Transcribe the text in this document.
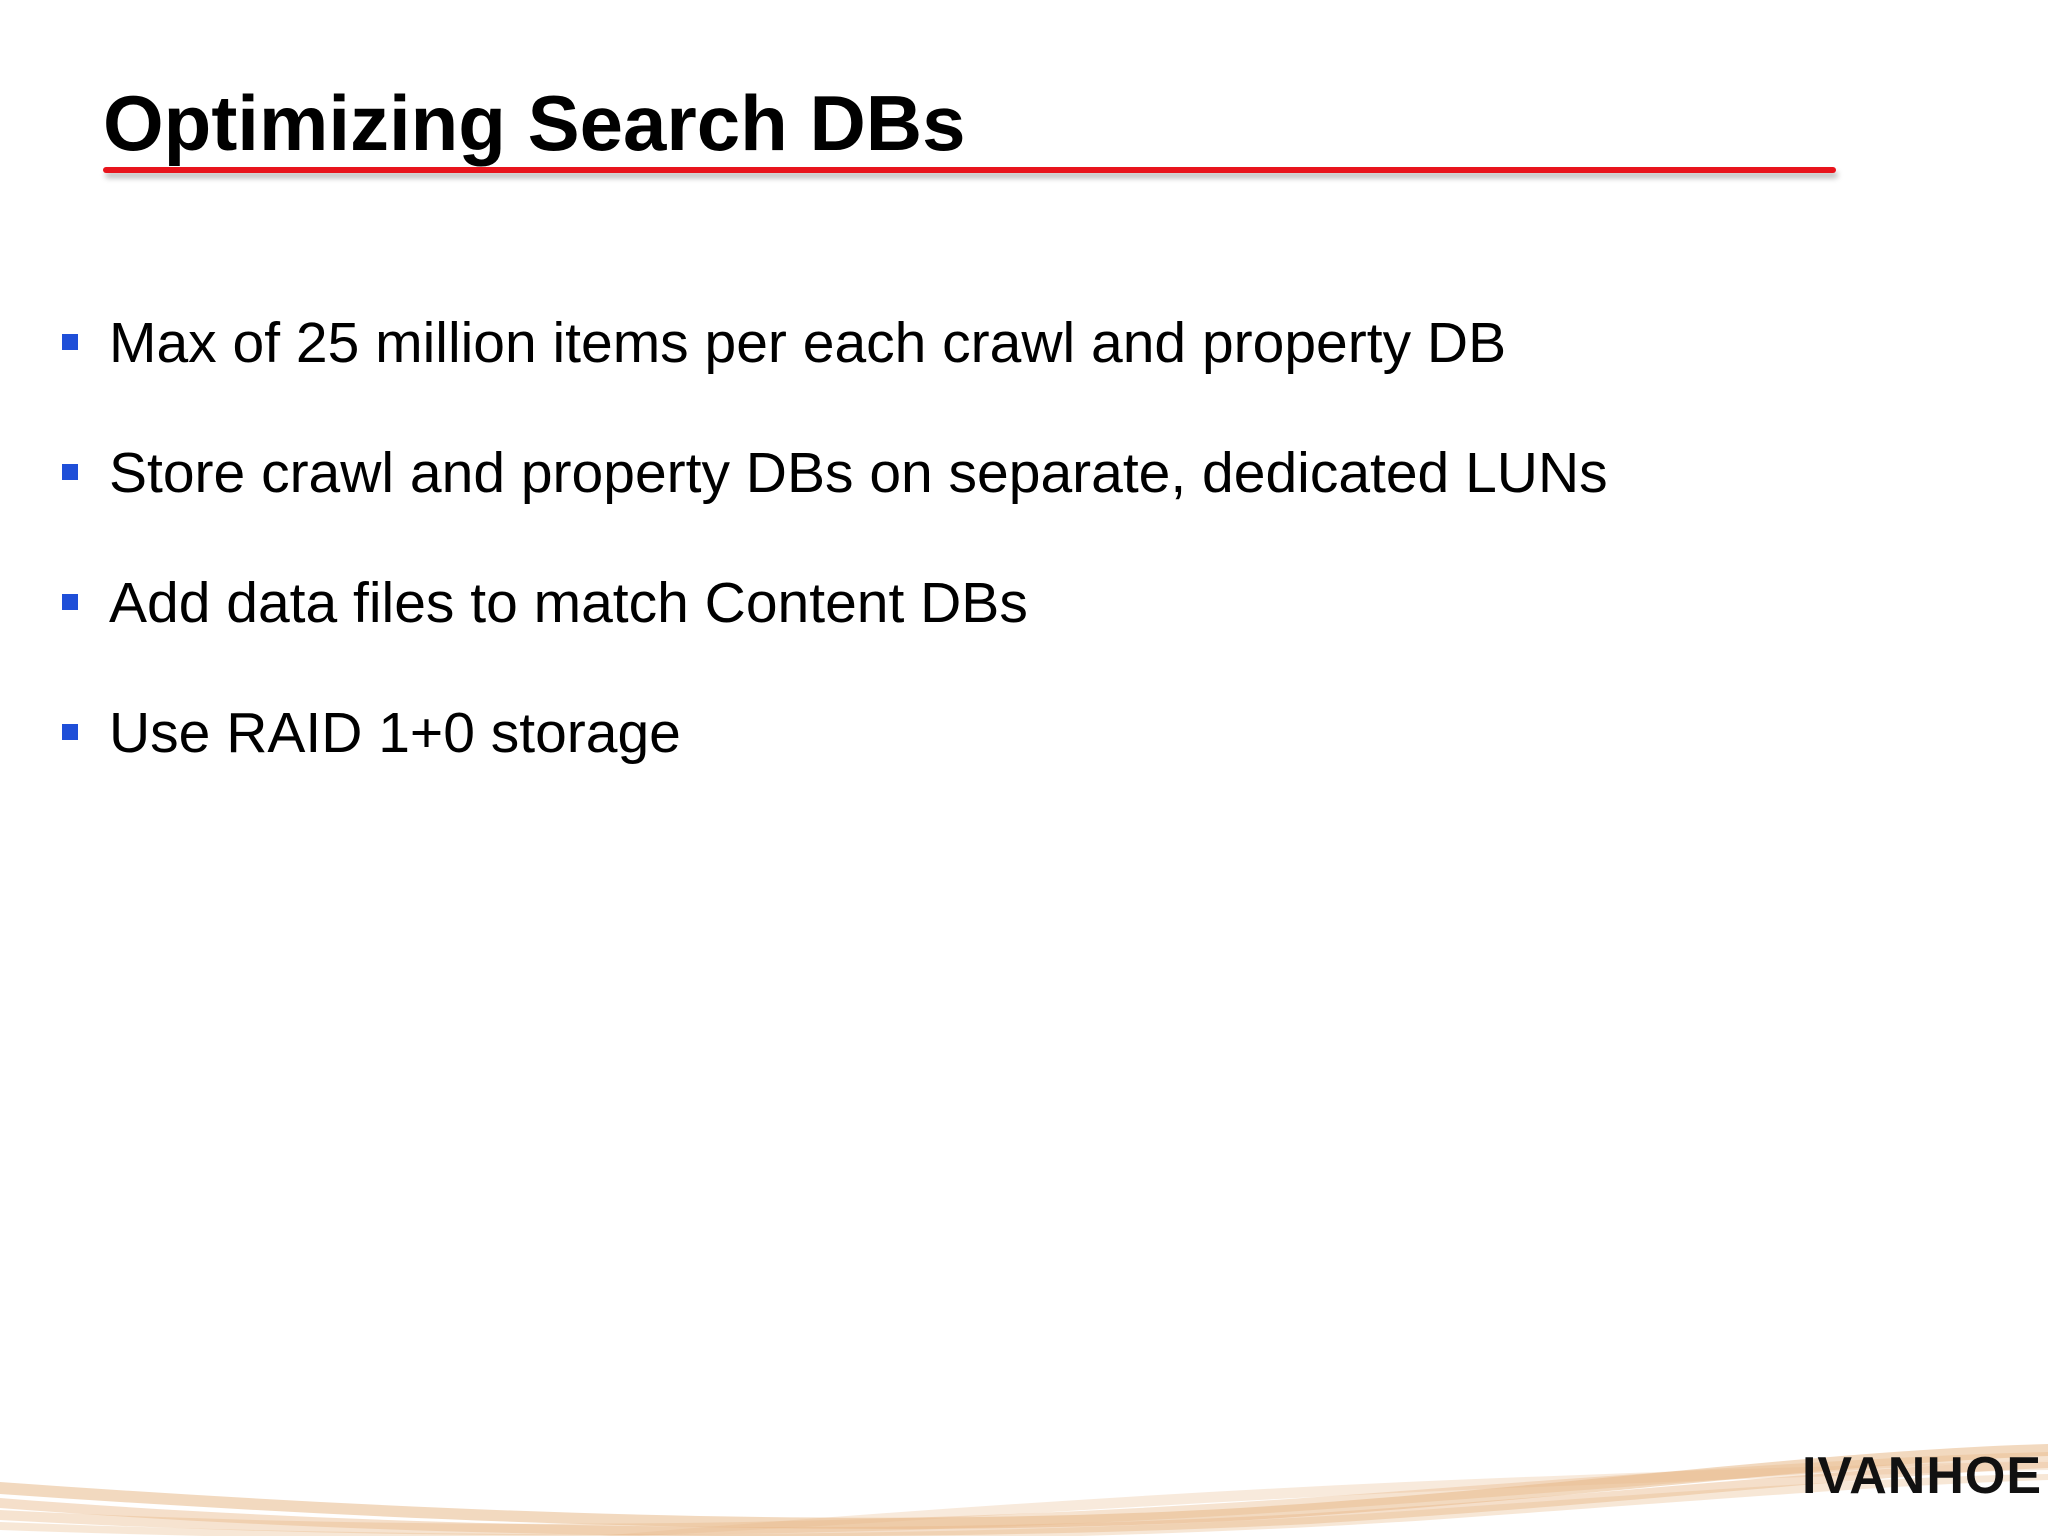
Optimizing Search DBs
Max of 25 million items per each crawl and property DB
Store crawl and property DBs on separate, dedicated LUNs
Add data files to match Content DBs
Use RAID 1+0 storage
IVANHOE
